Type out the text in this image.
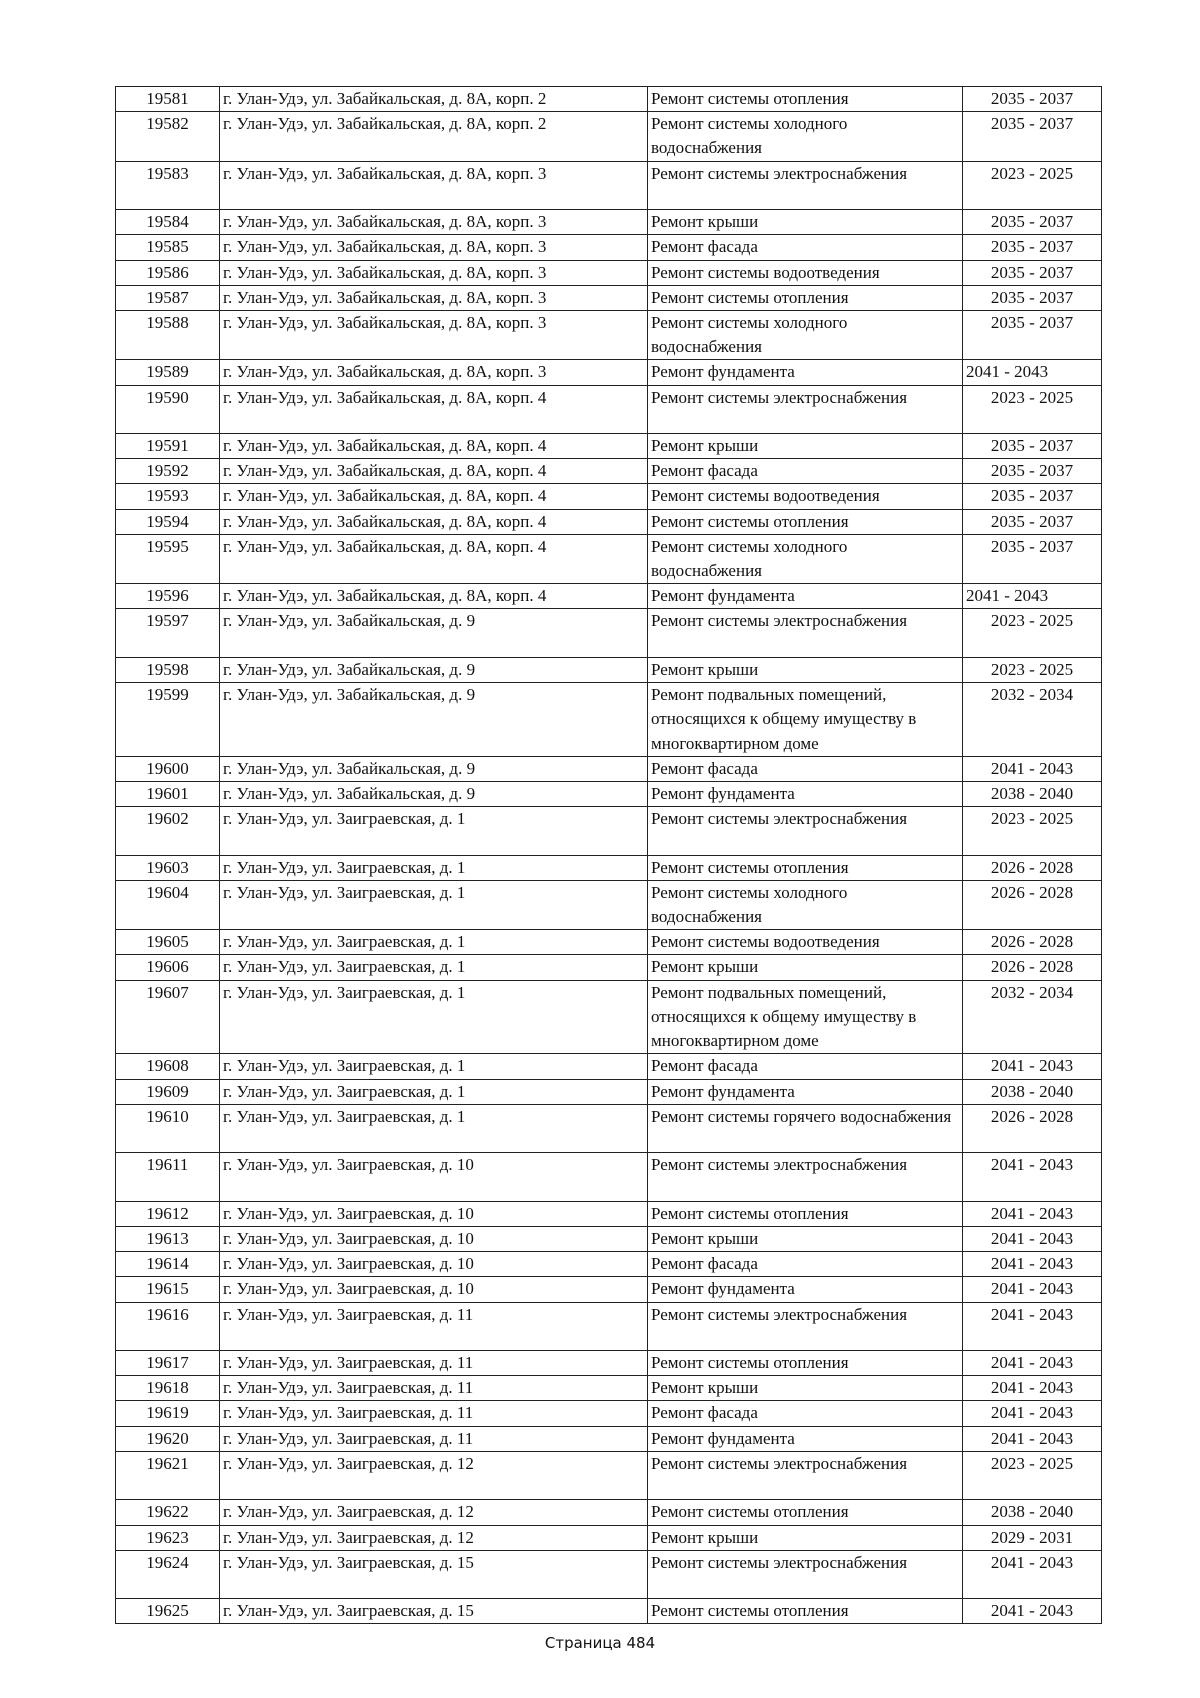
19581	г. Улан-Удэ, ул. Забайкальская, д. 8А, корп. 2	Ремонт системы отопления	2035 - 2037
19582	г. Улан-Удэ, ул. Забайкальская, д. 8А, корп. 2	Ремонт системы холодного водоснабжения	2035 - 2037
19583	г. Улан-Удэ, ул. Забайкальская, д. 8А, корп. 3	Ремонт системы электроснабжения	2023 - 2025
19584	г. Улан-Удэ, ул. Забайкальская, д. 8А, корп. 3	Ремонт крыши	2035 - 2037
19585	г. Улан-Удэ, ул. Забайкальская, д. 8А, корп. 3	Ремонт фасада	2035 - 2037
19586	г. Улан-Удэ, ул. Забайкальская, д. 8А, корп. 3	Ремонт системы водоотведения	2035 - 2037
19587	г. Улан-Удэ, ул. Забайкальская, д. 8А, корп. 3	Ремонт системы отопления	2035 - 2037
19588	г. Улан-Удэ, ул. Забайкальская, д. 8А, корп. 3	Ремонт системы холодного водоснабжения	2035 - 2037
19589	г. Улан-Удэ, ул. Забайкальская, д. 8А, корп. 3	Ремонт фундамента	2041 - 2043
19590	г. Улан-Удэ, ул. Забайкальская, д. 8А, корп. 4	Ремонт системы электроснабжения	2023 - 2025
19591	г. Улан-Удэ, ул. Забайкальская, д. 8А, корп. 4	Ремонт крыши	2035 - 2037
19592	г. Улан-Удэ, ул. Забайкальская, д. 8А, корп. 4	Ремонт фасада	2035 - 2037
19593	г. Улан-Удэ, ул. Забайкальская, д. 8А, корп. 4	Ремонт системы водоотведения	2035 - 2037
19594	г. Улан-Удэ, ул. Забайкальская, д. 8А, корп. 4	Ремонт системы отопления	2035 - 2037
19595	г. Улан-Удэ, ул. Забайкальская, д. 8А, корп. 4	Ремонт системы холодного водоснабжения	2035 - 2037
19596	г. Улан-Удэ, ул. Забайкальская, д. 8А, корп. 4	Ремонт фундамента	2041 - 2043
19597	г. Улан-Удэ, ул. Забайкальская, д. 9	Ремонт системы электроснабжения	2023 - 2025
19598	г. Улан-Удэ, ул. Забайкальская, д. 9	Ремонт крыши	2023 - 2025
19599	г. Улан-Удэ, ул. Забайкальская, д. 9	Ремонт подвальных помещений, относящихся к общему имуществу в многоквартирном доме	2032 - 2034
19600	г. Улан-Удэ, ул. Забайкальская, д. 9	Ремонт фасада	2041 - 2043
19601	г. Улан-Удэ, ул. Забайкальская, д. 9	Ремонт фундамента	2038 - 2040
19602	г. Улан-Удэ, ул. Заиграевская, д. 1	Ремонт системы электроснабжения	2023 - 2025
19603	г. Улан-Удэ, ул. Заиграевская, д. 1	Ремонт системы отопления	2026 - 2028
19604	г. Улан-Удэ, ул. Заиграевская, д. 1	Ремонт системы холодного водоснабжения	2026 - 2028
19605	г. Улан-Удэ, ул. Заиграевская, д. 1	Ремонт системы водоотведения	2026 - 2028
19606	г. Улан-Удэ, ул. Заиграевская, д. 1	Ремонт крыши	2026 - 2028
19607	г. Улан-Удэ, ул. Заиграевская, д. 1	Ремонт подвальных помещений, относящихся к общему имуществу в многоквартирном доме	2032 - 2034
19608	г. Улан-Удэ, ул. Заиграевская, д. 1	Ремонт фасада	2041 - 2043
19609	г. Улан-Удэ, ул. Заиграевская, д. 1	Ремонт фундамента	2038 - 2040
19610	г. Улан-Удэ, ул. Заиграевская, д. 1	Ремонт системы горячего водоснабжения	2026 - 2028
19611	г. Улан-Удэ, ул. Заиграевская, д. 10	Ремонт системы электроснабжения	2041 - 2043
19612	г. Улан-Удэ, ул. Заиграевская, д. 10	Ремонт системы отопления	2041 - 2043
19613	г. Улан-Удэ, ул. Заиграевская, д. 10	Ремонт крыши	2041 - 2043
19614	г. Улан-Удэ, ул. Заиграевская, д. 10	Ремонт фасада	2041 - 2043
19615	г. Улан-Удэ, ул. Заиграевская, д. 10	Ремонт фундамента	2041 - 2043
19616	г. Улан-Удэ, ул. Заиграевская, д. 11	Ремонт системы электроснабжения	2041 - 2043
19617	г. Улан-Удэ, ул. Заиграевская, д. 11	Ремонт системы отопления	2041 - 2043
19618	г. Улан-Удэ, ул. Заиграевская, д. 11	Ремонт крыши	2041 - 2043
19619	г. Улан-Удэ, ул. Заиграевская, д. 11	Ремонт фасада	2041 - 2043
19620	г. Улан-Удэ, ул. Заиграевская, д. 11	Ремонт фундамента	2041 - 2043
19621	г. Улан-Удэ, ул. Заиграевская, д. 12	Ремонт системы электроснабжения	2023 - 2025
19622	г. Улан-Удэ, ул. Заиграевская, д. 12	Ремонт системы отопления	2038 - 2040
19623	г. Улан-Удэ, ул. Заиграевская, д. 12	Ремонт крыши	2029 - 2031
19624	г. Улан-Удэ, ул. Заиграевская, д. 15	Ремонт системы электроснабжения	2041 - 2043
19625	г. Улан-Удэ, ул. Заиграевская, д. 15	Ремонт системы отопления	2041 - 2043
Страница 484
